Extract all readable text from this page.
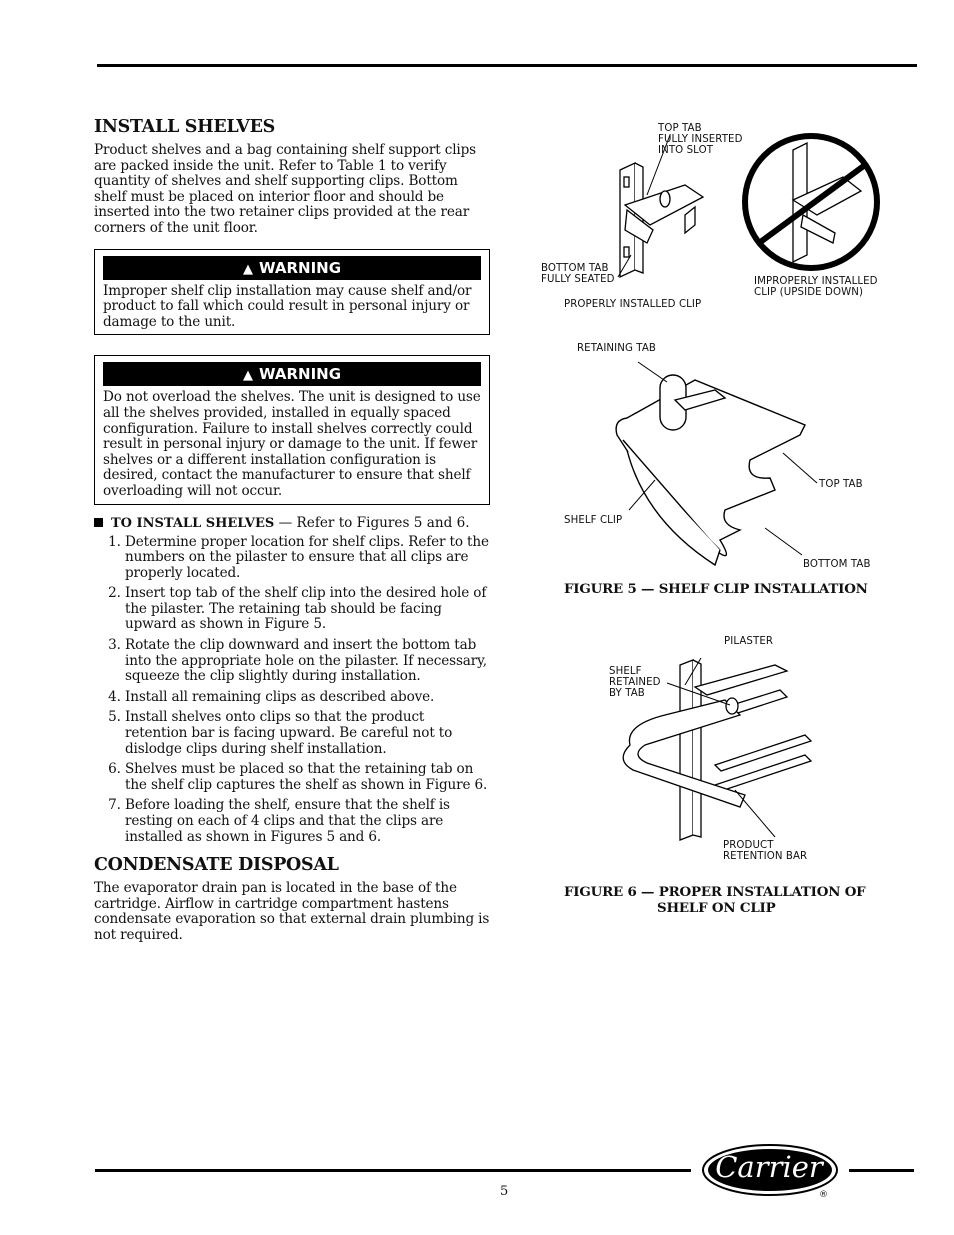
INSTALL SHELVES

Product shelves and a bag containing shelf support clips are packed inside the unit. Refer to Table 1 to verify quantity of shelves and shelf supporting clips. Bottom shelf must be placed on interior floor and should be inserted into the two retainer clips provided at the rear corners of the unit floor.

▲ WARNING

Improper shelf clip installation may cause shelf and/or product to fall which could result in personal injury or damage to the unit.

▲ WARNING

Do not overload the shelves. The unit is designed to use all the shelves provided, installed in equally spaced configuration. Failure to install shelves correctly could result in personal injury or damage to the unit. If fewer shelves or a different installation configuration is desired, contact the manufacturer to ensure that shelf overloading will not occur.

TO INSTALL SHELVES — Refer to Figures 5 and 6.
1. Determine proper location for shelf clips. Refer to the numbers on the pilaster to ensure that all clips are properly located.
2. Insert top tab of the shelf clip into the desired hole of the pilaster. The retaining tab should be facing upward as shown in Figure 5.
3. Rotate the clip downward and insert the bottom tab into the appropriate hole on the pilaster. If necessary, squeeze the clip slightly during installation.
4. Install all remaining clips as described above.
5. Install shelves onto clips so that the product retention bar is facing upward. Be careful not to dislodge clips during shelf installation.
6. Shelves must be placed so that the retaining tab on the shelf clip captures the shelf as shown in Figure 6.
7. Before loading the shelf, ensure that the shelf is resting on each of 4 clips and that the clips are installed as shown in Figures 5 and 6.
CONDENSATE DISPOSAL

The evaporator drain pan is located in the base of the cartridge. Airflow in cartridge compartment hastens condensate evaporation so that external drain plumbing is not required.

TOP TAB
FULLY INSERTED
INTO SLOT
BOTTOM TAB
FULLY SEATED
PROPERLY INSTALLED CLIP
IMPROPERLY INSTALLED
CLIP (UPSIDE DOWN)
RETAINING TAB
TOP TAB
SHELF CLIP
BOTTOM TAB
FIGURE 5 — SHELF CLIP INSTALLATION
PILASTER
SHELF
RETAINED
BY TAB
PRODUCT
RETENTION BAR
FIGURE 6 — PROPER INSTALLATION OF
SHELF ON CLIP
5
Carrier
®
